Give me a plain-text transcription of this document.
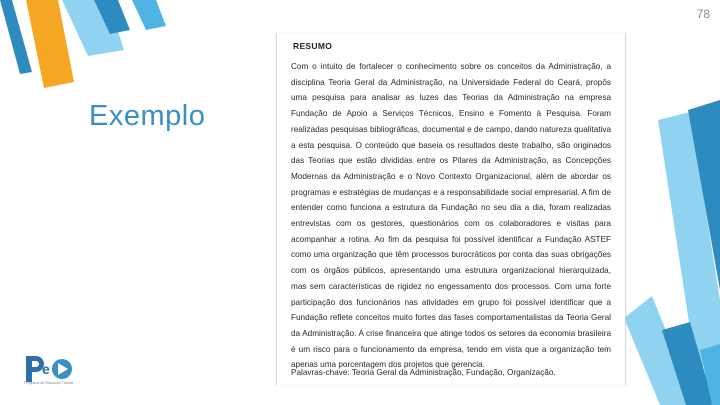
78
Exemplo
RESUMO
Com o intuito de fortalecer o conhecimento sobre os conceitos da Administração, a disciplina Teoria Geral da Administração, na Universidade Federal do Ceará, propôs uma pesquisa para analisar as luzes das Teorias da Administração na empresa Fundação de Apoio a Serviços Técnicos, Ensino e Fomento à Pesquisa. Foram realizadas pesquisas bibliográficas, documental e de campo, dando natureza qualitativa a esta pesquisa. O conteúdo que baseia os resultados deste trabalho, são originados das Teorias que estão divididas entre os Pilares da Administração, as Concepções Modernas da Administração e o Novo Contexto Organizacional, além de abordar os programas e estratégias de mudanças e a responsabilidade social empresarial. A fim de entender como funciona a estrutura da Fundação no seu dia a dia, foram realizadas entrevistas com os gestores, questionários com os colaboradores e visitas para acompanhar a rotina. Ao fim da pesquisa foi possível identificar a Fundação ASTEF como uma organização que têm processos burocráticos por conta das suas obrigações com os órgãos públicos, apresentando uma estrutura organizacional hierarquizada, mas sem características de rigidez no engessamento dos processos. Com uma forte participação dos funcionários nas atividades em grupo foi possível identificar que a Fundação reflete conceitos muito fortes das fases comportamentalistas da Teoria Geral da Administração. A crise financeira que atinge todos os setores da economia brasileira é um risco para o funcionamento da empresa, tendo em vista que a organização tem apenas uma porcentagem dos projetos que gerencia.
Palavras-chave: Teoria Geral da Administração, Fundação, Organização.
e
Programa de Educação Tutorial
